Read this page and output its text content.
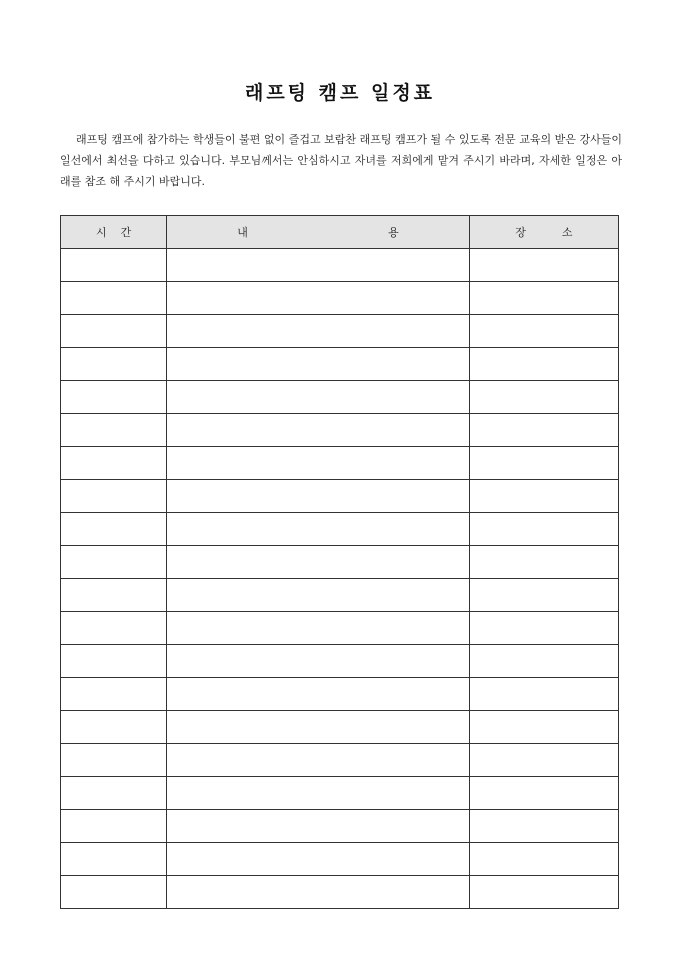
래프팅 캠프 일정표

래프팅 캠프에 참가하는 학생들이 불편 없이 즐겁고 보람찬 래프팅 캠프가 될 수 있도록 전문 교육의 받은 강사들이 일선에서 최선을 다하고 있습니다. 부모님께서는 안심하시고 자녀를 저희에게 맡겨 주시기 바라며, 자세한 일정은 아래를 참조 해 주시기 바랍니다.

시간	내 용	장소
